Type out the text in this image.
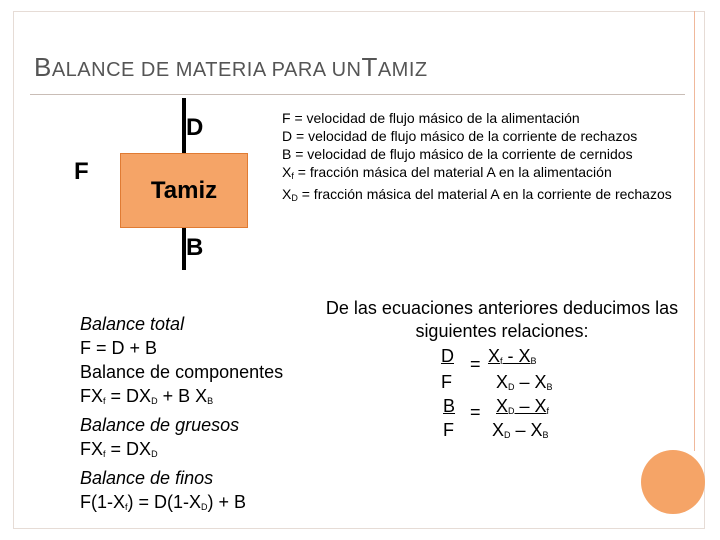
BALANCE DE MATERIA PARA UNTAMIZ
D
F
B
Tamiz
F = velocidad de flujo másico de la alimentación
D = velocidad de flujo másico de la corriente de rechazos
B = velocidad de flujo másico de la corriente de cernidos
$X_f$ = fracción másica del material A en la alimentación
$X_D$ = fracción másica del material A en la corriente de rechazos
Balance total
F = D + B
Balance de componentes
$FX_f = DX_D + B$ $X_B$
Balance de gruesos
$FX_f = DX_D$
Balance de finos
$F(1-X_f) = D(1-X_D) + B$
De las ecuaciones anteriores deducimos las siguientes relaciones:
$D = X_f - X_B$
F $X_D - X_B$
$B = X_D - X_f$
F $X_D - X_B$
